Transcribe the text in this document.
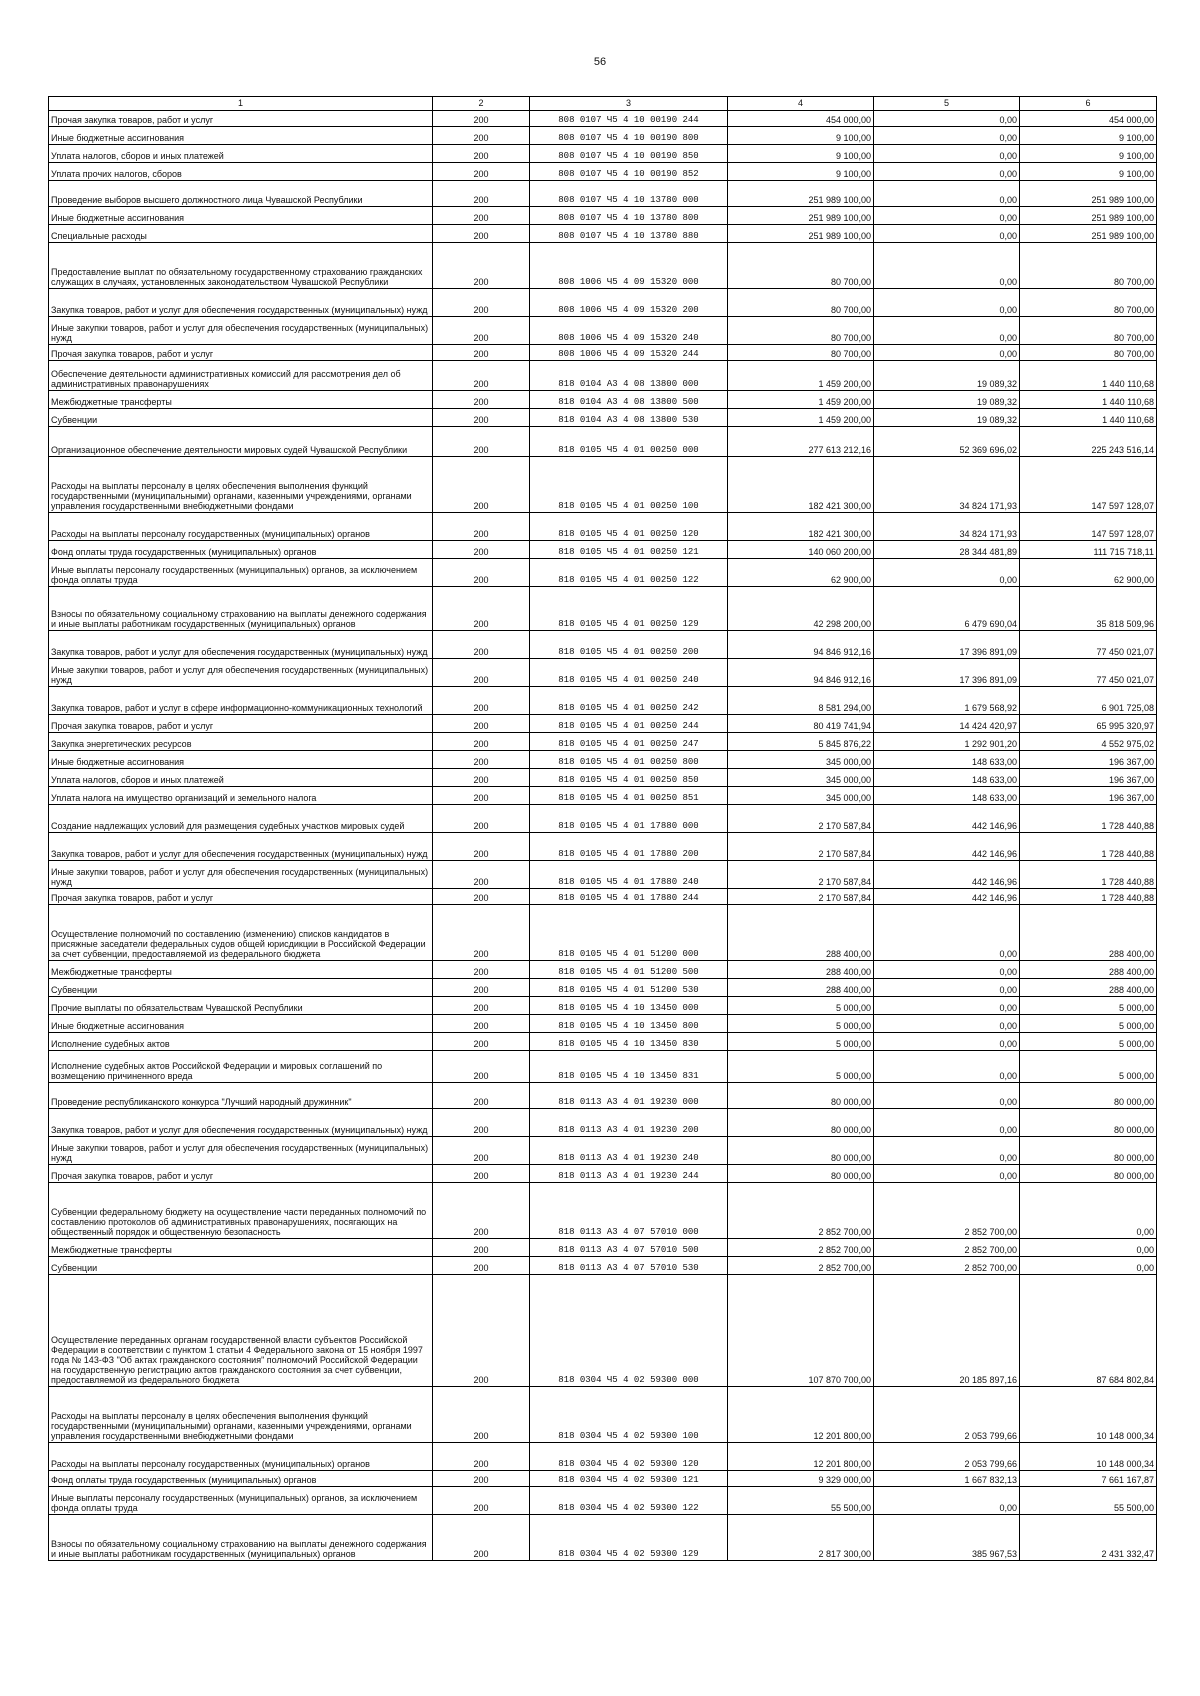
56
1	2	3	4	5	6
Прочая закупка товаров, работ и услуг	200	808 0107 Ч5 4 10 00190 244	454 000,00	0,00	454 000,00
Иные бюджетные ассигнования	200	808 0107 Ч5 4 10 00190 800	9 100,00	0,00	9 100,00
Уплата налогов, сборов и иных платежей	200	808 0107 Ч5 4 10 00190 850	9 100,00	0,00	9 100,00
Уплата прочих налогов, сборов	200	808 0107 Ч5 4 10 00190 852	9 100,00	0,00	9 100,00
Проведение выборов высшего должностного лица Чувашской Республики	200	808 0107 Ч5 4 10 13780 000	251 989 100,00	0,00	251 989 100,00
Иные бюджетные ассигнования	200	808 0107 Ч5 4 10 13780 800	251 989 100,00	0,00	251 989 100,00
Специальные расходы	200	808 0107 Ч5 4 10 13780 880	251 989 100,00	0,00	251 989 100,00
Предоставление выплат по обязательному государственному страхованию гражданских служащих в случаях, установленных законодательством Чувашской Республики	200	808 1006 Ч5 4 09 15320 000	80 700,00	0,00	80 700,00
Закупка товаров, работ и услуг для обеспечения государственных (муниципальных) нужд	200	808 1006 Ч5 4 09 15320 200	80 700,00	0,00	80 700,00
Иные закупки товаров, работ и услуг для обеспечения государственных (муниципальных) нужд	200	808 1006 Ч5 4 09 15320 240	80 700,00	0,00	80 700,00
Прочая закупка товаров, работ и услуг	200	808 1006 Ч5 4 09 15320 244	80 700,00	0,00	80 700,00
Обеспечение деятельности административных комиссий для рассмотрения дел об административных правонарушениях	200	818 0104 А3 4 08 13800 000	1 459 200,00	19 089,32	1 440 110,68
Межбюджетные трансферты	200	818 0104 А3 4 08 13800 500	1 459 200,00	19 089,32	1 440 110,68
Субвенции	200	818 0104 А3 4 08 13800 530	1 459 200,00	19 089,32	1 440 110,68
Организационное обеспечение деятельности мировых судей Чувашской Республики	200	818 0105 Ч5 4 01 00250 000	277 613 212,16	52 369 696,02	225 243 516,14
Расходы на выплаты персоналу в целях обеспечения выполнения функций государственными (муниципальными) органами, казенными учреждениями, органами управления государственными внебюджетными фондами	200	818 0105 Ч5 4 01 00250 100	182 421 300,00	34 824 171,93	147 597 128,07
Расходы на выплаты персоналу государственных (муниципальных) органов	200	818 0105 Ч5 4 01 00250 120	182 421 300,00	34 824 171,93	147 597 128,07
Фонд оплаты труда государственных (муниципальных) органов	200	818 0105 Ч5 4 01 00250 121	140 060 200,00	28 344 481,89	111 715 718,11
Иные выплаты персоналу государственных (муниципальных) органов, за исключением фонда оплаты труда	200	818 0105 Ч5 4 01 00250 122	62 900,00	0,00	62 900,00
Взносы по обязательному социальному страхованию на выплаты денежного содержания и иные выплаты работникам государственных (муниципальных) органов	200	818 0105 Ч5 4 01 00250 129	42 298 200,00	6 479 690,04	35 818 509,96
Закупка товаров, работ и услуг для обеспечения государственных (муниципальных) нужд	200	818 0105 Ч5 4 01 00250 200	94 846 912,16	17 396 891,09	77 450 021,07
Иные закупки товаров, работ и услуг для обеспечения государственных (муниципальных) нужд	200	818 0105 Ч5 4 01 00250 240	94 846 912,16	17 396 891,09	77 450 021,07
Закупка товаров, работ и услуг в сфере информационно-коммуникационных технологий	200	818 0105 Ч5 4 01 00250 242	8 581 294,00	1 679 568,92	6 901 725,08
Прочая закупка товаров, работ и услуг	200	818 0105 Ч5 4 01 00250 244	80 419 741,94	14 424 420,97	65 995 320,97
Закупка энергетических ресурсов	200	818 0105 Ч5 4 01 00250 247	5 845 876,22	1 292 901,20	4 552 975,02
Иные бюджетные ассигнования	200	818 0105 Ч5 4 01 00250 800	345 000,00	148 633,00	196 367,00
Уплата налогов, сборов и иных платежей	200	818 0105 Ч5 4 01 00250 850	345 000,00	148 633,00	196 367,00
Уплата налога на имущество организаций и земельного налога	200	818 0105 Ч5 4 01 00250 851	345 000,00	148 633,00	196 367,00
Создание надлежащих условий для размещения судебных участков мировых судей	200	818 0105 Ч5 4 01 17880 000	2 170 587,84	442 146,96	1 728 440,88
Закупка товаров, работ и услуг для обеспечения государственных (муниципальных) нужд	200	818 0105 Ч5 4 01 17880 200	2 170 587,84	442 146,96	1 728 440,88
Иные закупки товаров, работ и услуг для обеспечения государственных (муниципальных) нужд	200	818 0105 Ч5 4 01 17880 240	2 170 587,84	442 146,96	1 728 440,88
Прочая закупка товаров, работ и услуг	200	818 0105 Ч5 4 01 17880 244	2 170 587,84	442 146,96	1 728 440,88
Осуществление полномочий по составлению (изменению) списков кандидатов в присяжные заседатели федеральных судов общей юрисдикции в Российской Федерации за счет субвенции, предоставляемой из федерального бюджета	200	818 0105 Ч5 4 01 51200 000	288 400,00	0,00	288 400,00
Межбюджетные трансферты	200	818 0105 Ч5 4 01 51200 500	288 400,00	0,00	288 400,00
Субвенции	200	818 0105 Ч5 4 01 51200 530	288 400,00	0,00	288 400,00
Прочие выплаты по обязательствам Чувашской Республики	200	818 0105 Ч5 4 10 13450 000	5 000,00	0,00	5 000,00
Иные бюджетные ассигнования	200	818 0105 Ч5 4 10 13450 800	5 000,00	0,00	5 000,00
Исполнение судебных актов	200	818 0105 Ч5 4 10 13450 830	5 000,00	0,00	5 000,00
Исполнение судебных актов Российской Федерации и мировых соглашений по возмещению причиненного вреда	200	818 0105 Ч5 4 10 13450 831	5 000,00	0,00	5 000,00
Проведение республиканского конкурса "Лучший народный дружинник"	200	818 0113 А3 4 01 19230 000	80 000,00	0,00	80 000,00
Закупка товаров, работ и услуг для обеспечения государственных (муниципальных) нужд	200	818 0113 А3 4 01 19230 200	80 000,00	0,00	80 000,00
Иные закупки товаров, работ и услуг для обеспечения государственных (муниципальных) нужд	200	818 0113 А3 4 01 19230 240	80 000,00	0,00	80 000,00
Прочая закупка товаров, работ и услуг	200	818 0113 А3 4 01 19230 244	80 000,00	0,00	80 000,00
Субвенции федеральному бюджету на осуществление части переданных полномочий по составлению протоколов об административных правонарушениях, посягающих на общественный порядок и общественную безопасность	200	818 0113 А3 4 07 57010 000	2 852 700,00	2 852 700,00	0,00
Межбюджетные трансферты	200	818 0113 А3 4 07 57010 500	2 852 700,00	2 852 700,00	0,00
Субвенции	200	818 0113 А3 4 07 57010 530	2 852 700,00	2 852 700,00	0,00
Осуществление переданных органам государственной власти субъектов Российской Федерации в соответствии с пунктом 1 статьи 4 Федерального закона от 15 ноября 1997 года № 143-ФЗ "Об актах гражданского состояния" полномочий Российской Федерации на государственную регистрацию актов гражданского состояния за счет субвенции, предоставляемой из федерального бюджета	200	818 0304 Ч5 4 02 59300 000	107 870 700,00	20 185 897,16	87 684 802,84
Расходы на выплаты персоналу в целях обеспечения выполнения функций государственными (муниципальными) органами, казенными учреждениями, органами управления государственными внебюджетными фондами	200	818 0304 Ч5 4 02 59300 100	12 201 800,00	2 053 799,66	10 148 000,34
Расходы на выплаты персоналу государственных (муниципальных) органов	200	818 0304 Ч5 4 02 59300 120	12 201 800,00	2 053 799,66	10 148 000,34
Фонд оплаты труда государственных (муниципальных) органов	200	818 0304 Ч5 4 02 59300 121	9 329 000,00	1 667 832,13	7 661 167,87
Иные выплаты персоналу государственных (муниципальных) органов, за исключением фонда оплаты труда	200	818 0304 Ч5 4 02 59300 122	55 500,00	0,00	55 500,00
Взносы по обязательному социальному страхованию на выплаты денежного содержания и иные выплаты работникам государственных (муниципальных) органов	200	818 0304 Ч5 4 02 59300 129	2 817 300,00	385 967,53	2 431 332,47
